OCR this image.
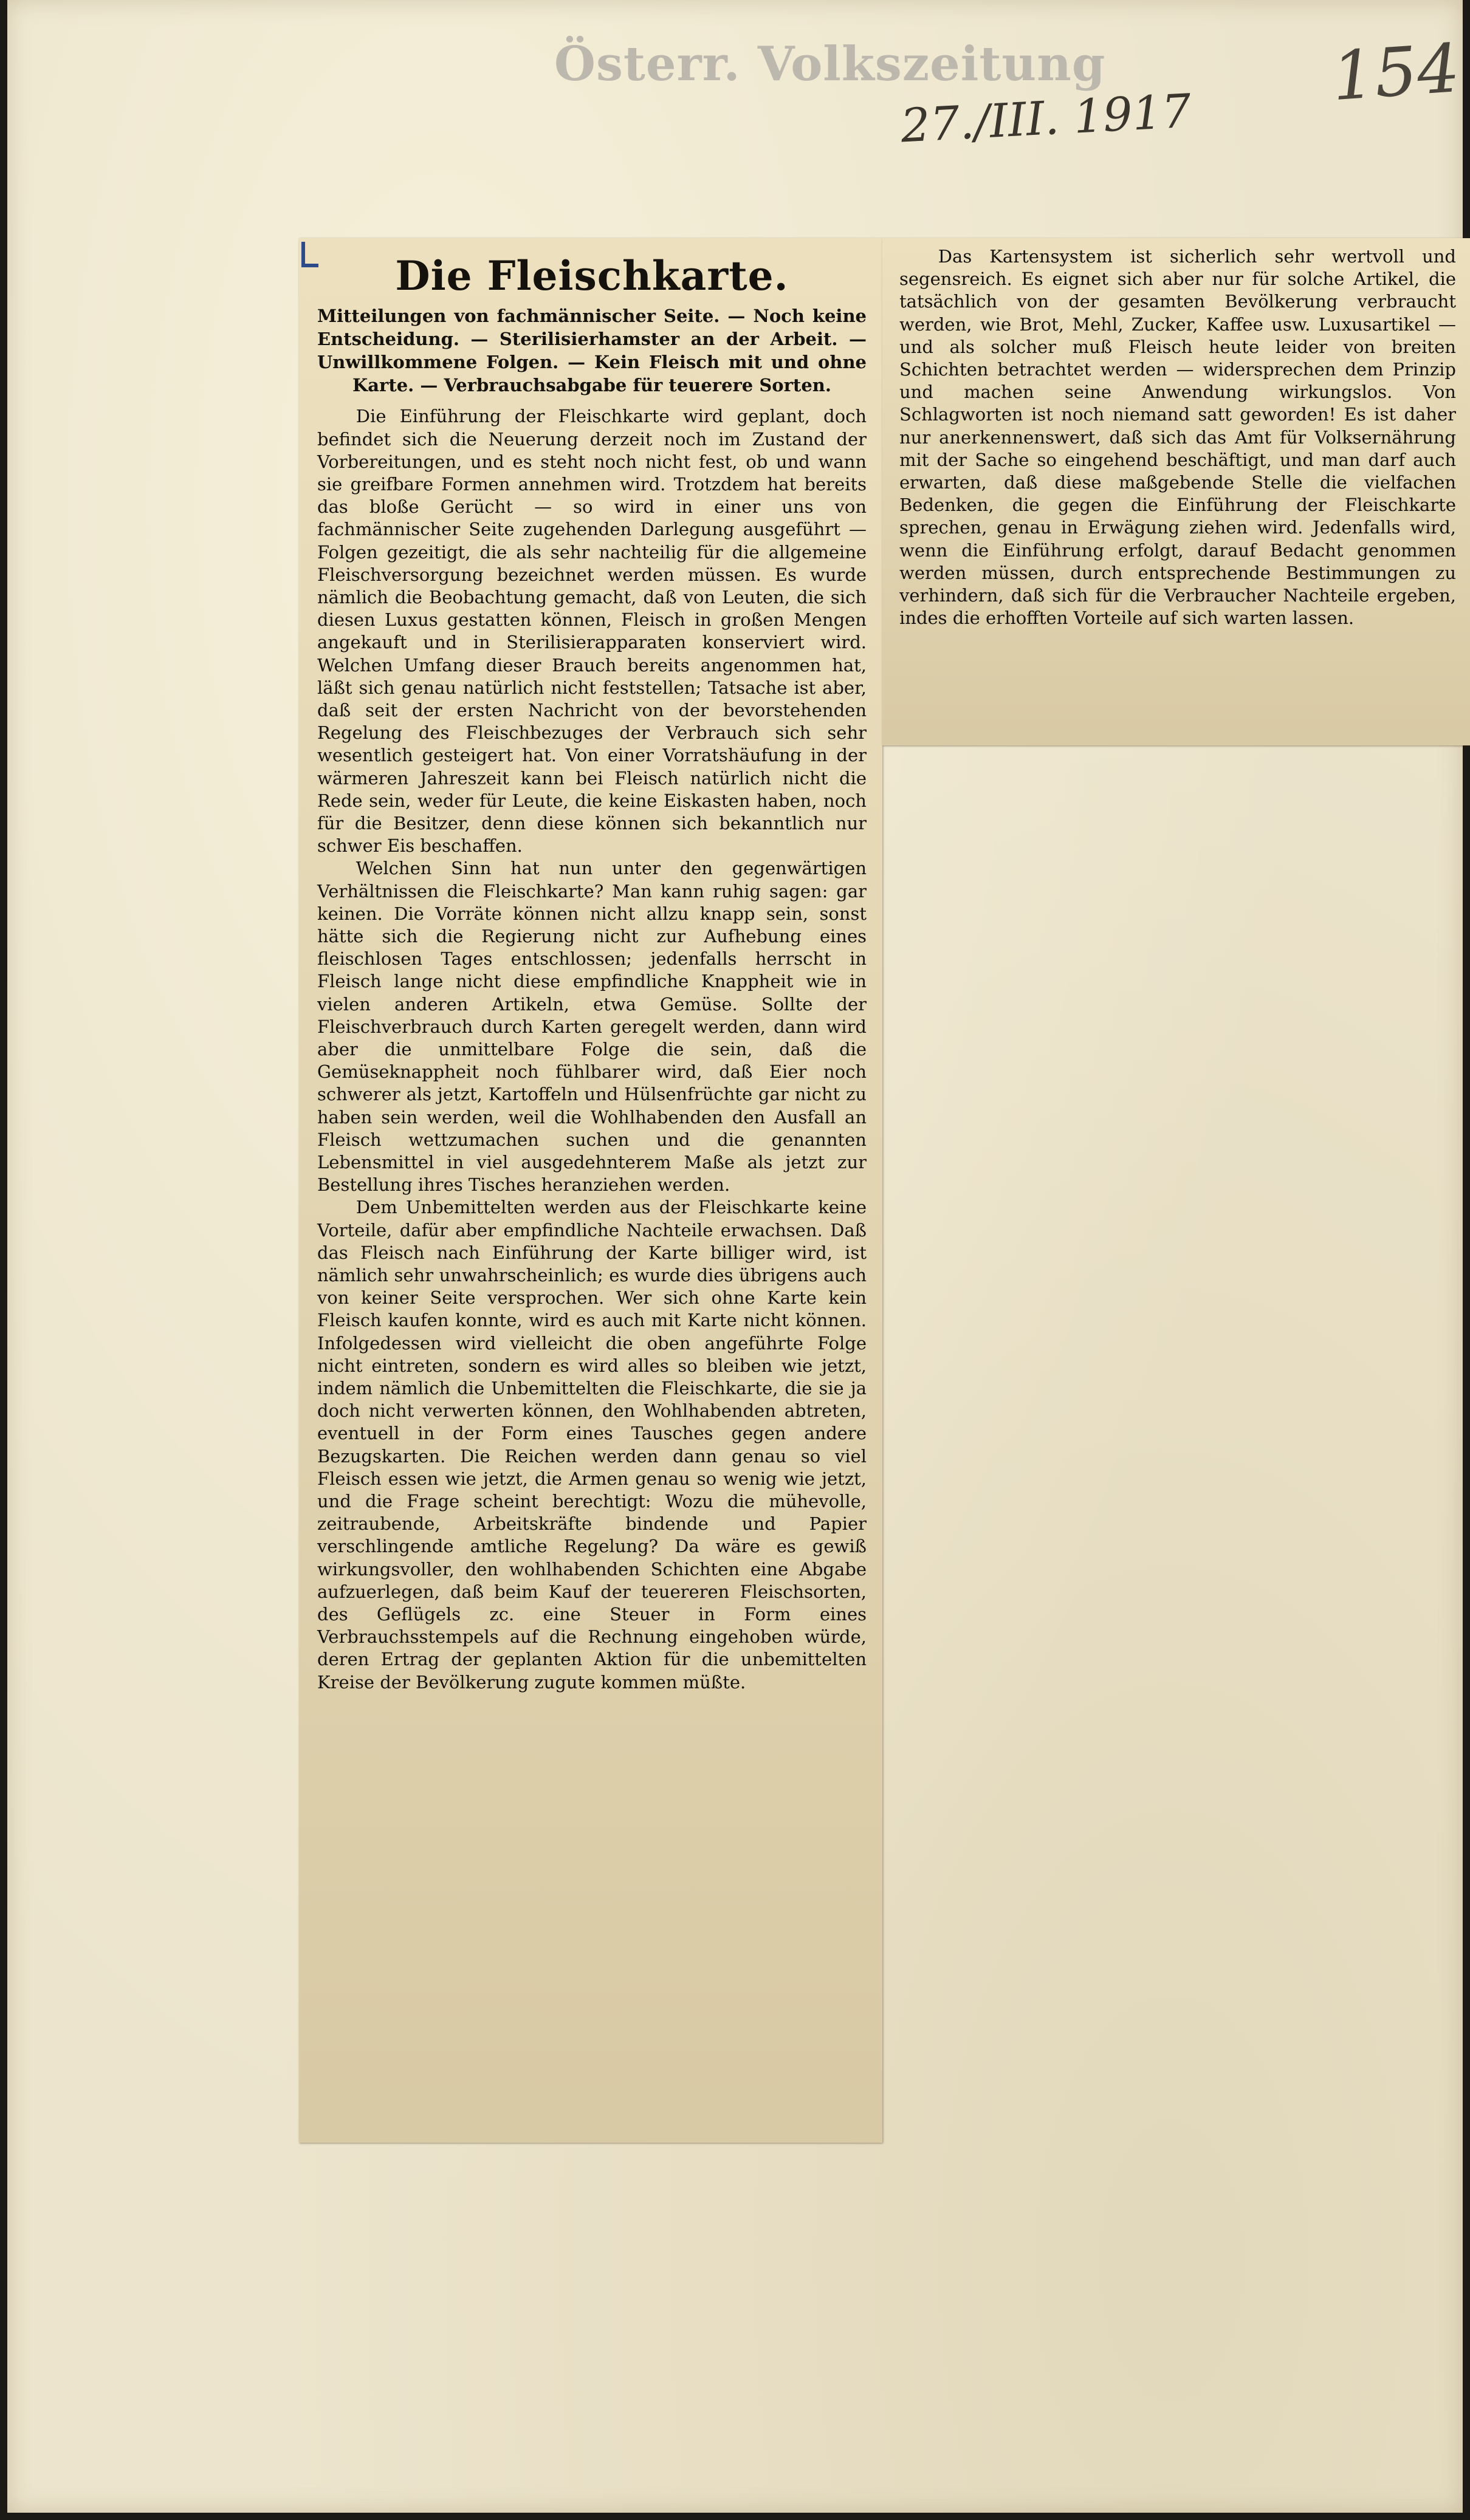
Österr. Volkszeitung
27./III. 1917
154
Die Fleischkarte.
Mitteilungen von fachmännischer Seite. — Noch keine Entscheidung. — Sterilisierhamster an der Arbeit. — Unwillkommene Folgen. — Kein Fleisch mit und ohne Karte. — Verbrauchsabgabe für teuerere Sorten.

Die Einführung der Fleischkarte wird geplant, doch befindet sich die Neuerung derzeit noch im Zustand der Vorbereitungen, und es steht noch nicht fest, ob und wann sie greifbare Formen annehmen wird. Trotzdem hat bereits das bloße Gerücht — so wird in einer uns von fachmännischer Seite zugehenden Darlegung ausgeführt — Folgen gezeitigt, die als sehr nachteilig für die allgemeine Fleischversorgung bezeichnet werden müssen. Es wurde nämlich die Beobachtung gemacht, daß von Leuten, die sich diesen Luxus gestatten können, Fleisch in großen Mengen angekauft und in Sterilisierapparaten konserviert wird. Welchen Umfang dieser Brauch bereits angenommen hat, läßt sich genau natürlich nicht feststellen; Tatsache ist aber, daß seit der ersten Nachricht von der bevorstehenden Regelung des Fleischbezuges der Verbrauch sich sehr wesentlich gesteigert hat. Von einer Vorratshäufung in der wärmeren Jahreszeit kann bei Fleisch natürlich nicht die Rede sein, weder für Leute, die keine Eiskasten haben, noch für die Besitzer, denn diese können sich bekanntlich nur schwer Eis beschaffen.

Welchen Sinn hat nun unter den gegenwärtigen Verhältnissen die Fleischkarte? Man kann ruhig sagen: gar keinen. Die Vorräte können nicht allzu knapp sein, sonst hätte sich die Regierung nicht zur Aufhebung eines fleischlosen Tages entschlossen; jedenfalls herrscht in Fleisch lange nicht diese empfindliche Knappheit wie in vielen anderen Artikeln, etwa Gemüse. Sollte der Fleischverbrauch durch Karten geregelt werden, dann wird aber die unmittelbare Folge die sein, daß die Gemüseknappheit noch fühlbarer wird, daß Eier noch schwerer als jetzt, Kartoffeln und Hülsenfrüchte gar nicht zu haben sein werden, weil die Wohlhabenden den Ausfall an Fleisch wettzumachen suchen und die genannten Lebensmittel in viel ausgedehnterem Maße als jetzt zur Bestellung ihres Tisches heranziehen werden.

Dem Unbemittelten werden aus der Fleischkarte keine Vorteile, dafür aber empfindliche Nachteile erwachsen. Daß das Fleisch nach Einführung der Karte billiger wird, ist nämlich sehr unwahrscheinlich; es wurde dies übrigens auch von keiner Seite versprochen. Wer sich ohne Karte kein Fleisch kaufen konnte, wird es auch mit Karte nicht können. Infolgedessen wird vielleicht die oben angeführte Folge nicht eintreten, sondern es wird alles so bleiben wie jetzt, indem nämlich die Unbemittelten die Fleischkarte, die sie ja doch nicht verwerten können, den Wohlhabenden abtreten, eventuell in der Form eines Tausches gegen andere Bezugskarten. Die Reichen werden dann genau so viel Fleisch essen wie jetzt, die Armen genau so wenig wie jetzt, und die Frage scheint berechtigt: Wozu die mühevolle, zeitraubende, Arbeitskräfte bindende und Papier verschlingende amtliche Regelung? Da wäre es gewiß wirkungsvoller, den wohlhabenden Schichten eine Abgabe aufzuerlegen, daß beim Kauf der teuereren Fleischsorten, des Geflügels zc. eine Steuer in Form eines Verbrauchsstempels auf die Rechnung eingehoben würde, deren Ertrag der geplanten Aktion für die unbemittelten Kreise der Bevölkerung zugute kommen müßte.

Das Kartensystem ist sicherlich sehr wertvoll und segensreich. Es eignet sich aber nur für solche Artikel, die tatsächlich von der gesamten Bevölkerung verbraucht werden, wie Brot, Mehl, Zucker, Kaffee usw. Luxusartikel — und als solcher muß Fleisch heute leider von breiten Schichten betrachtet werden — widersprechen dem Prinzip und machen seine Anwendung wirkungslos. Von Schlagworten ist noch niemand satt geworden! Es ist daher nur anerkennenswert, daß sich das Amt für Volksernährung mit der Sache so eingehend beschäftigt, und man darf auch erwarten, daß diese maßgebende Stelle die vielfachen Bedenken, die gegen die Einführung der Fleischkarte sprechen, genau in Erwägung ziehen wird. Jedenfalls wird, wenn die Einführung erfolgt, darauf Bedacht genommen werden müssen, durch entsprechende Bestimmungen zu verhindern, daß sich für die Verbraucher Nachteile ergeben, indes die erhofften Vorteile auf sich warten lassen.
